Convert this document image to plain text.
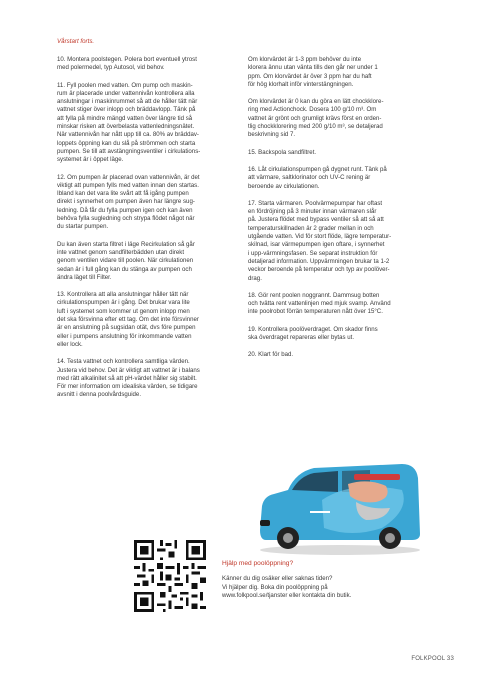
Vårstart forts.

10. Montera poolstegen. Polera bort eventuell ytrost
med polermedel, typ Autosol, vid behov.

11. Fyll poolen med vatten. Om pump och maskin-
rum är placerade under vattennivån kontrollera alla
anslutningar i maskinrummet så att de håller tätt när
vattnet stiger över inlopp och bräddavlopp. Tänk på
att fylla på mindre mängd vatten över längre tid så
minskar risken att överbelasta vattenledningsnätet.
När vattennivån har nått upp till ca. 80% av bräddav-
loppets öppning kan du slå på strömmen och starta
pumpen. Se till att avstängningsventiler i cirkulations-
systemet är i öppet läge.

12. Om pumpen är placerad ovan vattennivån, är det
viktigt att pumpen fylls med vatten innan den startas.
Ibland kan det vara lite svårt att få igång pumpen
direkt i synnerhet om pumpen även har längre sug-
ledning. Då får du fylla pumpen igen och kan även
behöva fylla sugledning och strypa flödet något när
du startar pumpen.

Du kan även starta filtret i läge Recirkulation så går
inte vattnet genom sandfilterbädden utan direkt
genom ventilen vidare till poolen. När cirkulationen
sedan är i full gång kan du stänga av pumpen och
ändra läget till Filter.

13. Kontrollera att alla anslutningar håller tätt när
cirkulationspumpen är i gång. Det brukar vara lite
luft i systemet som kommer ut genom inlopp men
det ska försvinna efter ett tag. Om det inte försvinner
är en anslutning på sugsidan otät, dvs före pumpen
eller i pumpens anslutning för inkommande vatten
eller lock.

14. Testa vattnet och kontrollera samtliga värden.
Justera vid behov. Det är viktigt att vattnet är i balans
med rätt alkalinitet så att pH-värdet håller sig stabilt.
För mer information om idealiska värden, se tidigare
avsnitt i denna poolvårdsguide.

Om klorvärdet är 1-3 ppm behöver du inte
klorera ännu utan vänta tills den går ner under 1
ppm. Om klorvärdet är över 3 ppm har du haft
för hög klorhalt inför vinterstängningen.

Om klorvärdet är 0 kan du göra en lätt chockklore-
ring med Actionchock. Dosera 100 g/10 m³. Om
vattnet är grönt och grumligt krävs först en orden-
tlig chockklorering med 200 g/10 m³, se detaljerad
beskrivning sid 7.

15. Backspola sandfiltret.

16. Låt cirkulationspumpen gå dygnet runt. Tänk på
att värmare, saltklorinator och UV-C rening är
beroende av cirkulationen.

17. Starta värmaren. Poolvärmepumpar har oftast
en fördröjning på 3 minuter innan värmaren slår
på. Justera flödet med bypass ventiler så att så att
temperaturskillnaden är 2 grader mellan in och
utgående vatten. Vid för stort flöde, lägre temperatur-
skilnad, isar värmepumpen igen oftare, i synnerhet
i upp-värmningsfasen. Se separat instruktion för
detaljerad information. Uppvärmningen brukar ta 1-2
veckor beroende på temperatur och typ av poolöver-
drag.

18. Gör rent poolen noggrannt. Dammsug botten
och tvätta rent vattenlinjen med mjuk svamp. Använd
inte poolrobot förrän temperaturen nått över 15°C.

19. Kontrollera poolöverdraget. Om skador finns
ska överdraget repareras eller bytas ut.

20. Klart för bad.

Hjälp med poolöppning?

Känner du dig osäker eller saknas tiden?

Vi hjälper dig. Boka din poolöppning på

www.folkpool.se/tjanster eller kontakta din butik.

FOLKPOOL 33
